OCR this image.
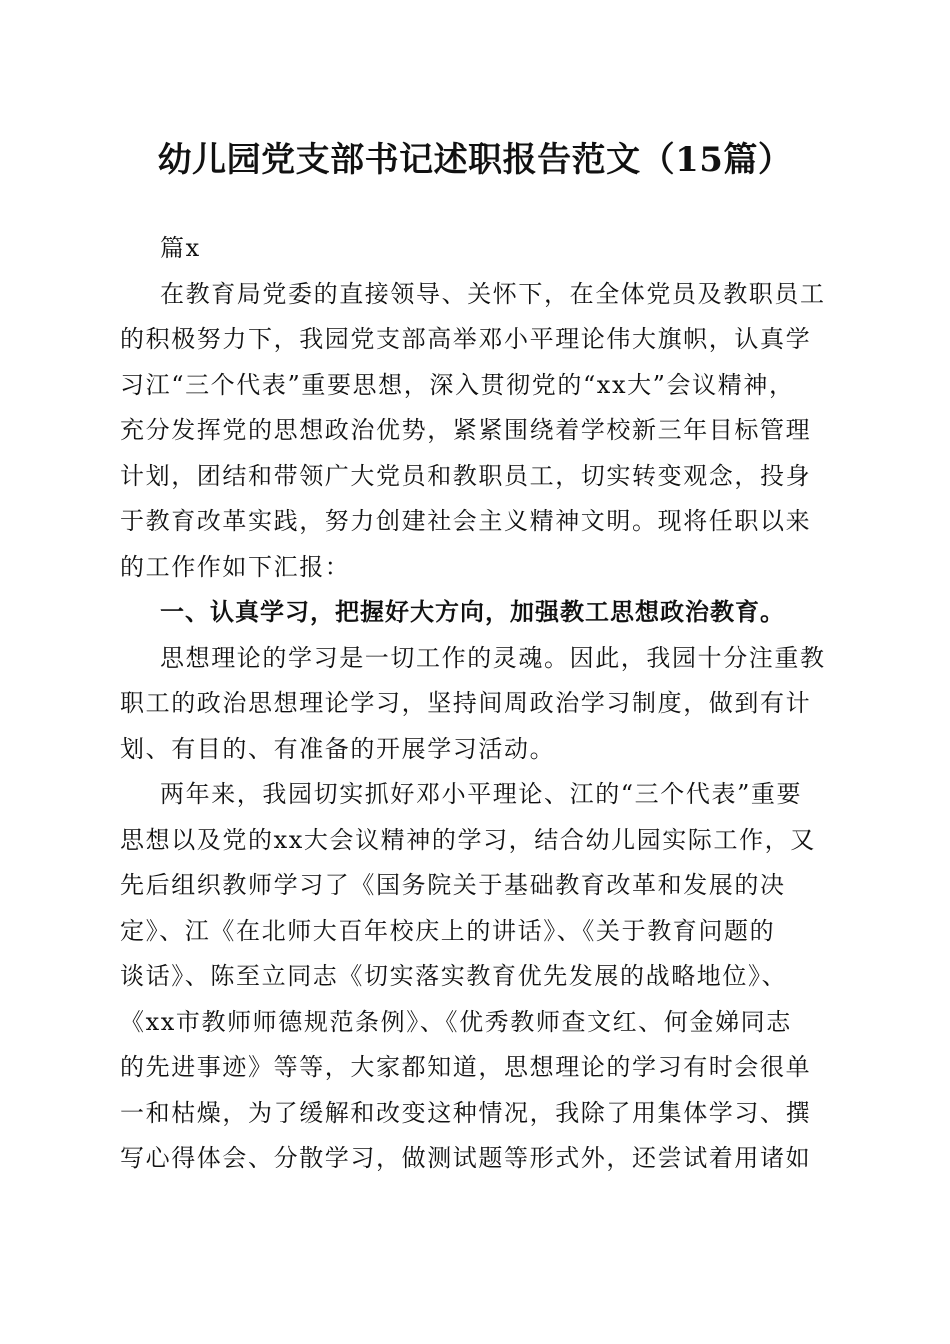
幼儿园党支部书记述职报告范文（15篇）
篇x
在教育局党委的直接领导、关怀下，在全体党员及教职员工
的积极努力下，我园党支部高举邓小平理论伟大旗帜，认真学
习江“三个代表”重要思想，深入贯彻党的“xx大”会议精神，
充分发挥党的思想政治优势，紧紧围绕着学校新三年目标管理
计划，团结和带领广大党员和教职员工，切实转变观念，投身
于教育改革实践，努力创建社会主义精神文明。现将任职以来
的工作作如下汇报：
一、认真学习，把握好大方向，加强教工思想政治教育。
思想理论的学习是一切工作的灵魂。因此，我园十分注重教
职工的政治思想理论学习，坚持间周政治学习制度，做到有计
划、有目的、有准备的开展学习活动。
两年来，我园切实抓好邓小平理论、江的“三个代表”重要
思想以及党的xx大会议精神的学习，结合幼儿园实际工作，又
先后组织教师学习了《国务院关于基础教育改革和发展的决
定》、江《在北师大百年校庆上的讲话》、《关于教育问题的
谈话》、陈至立同志《切实落实教育优先发展的战略地位》、
《xx市教师师德规范条例》、《优秀教师查文红、何金娣同志
的先进事迹》等等，大家都知道，思想理论的学习有时会很单
一和枯燥，为了缓解和改变这种情况，我除了用集体学习、撰
写心得体会、分散学习，做测试题等形式外，还尝试着用诸如
